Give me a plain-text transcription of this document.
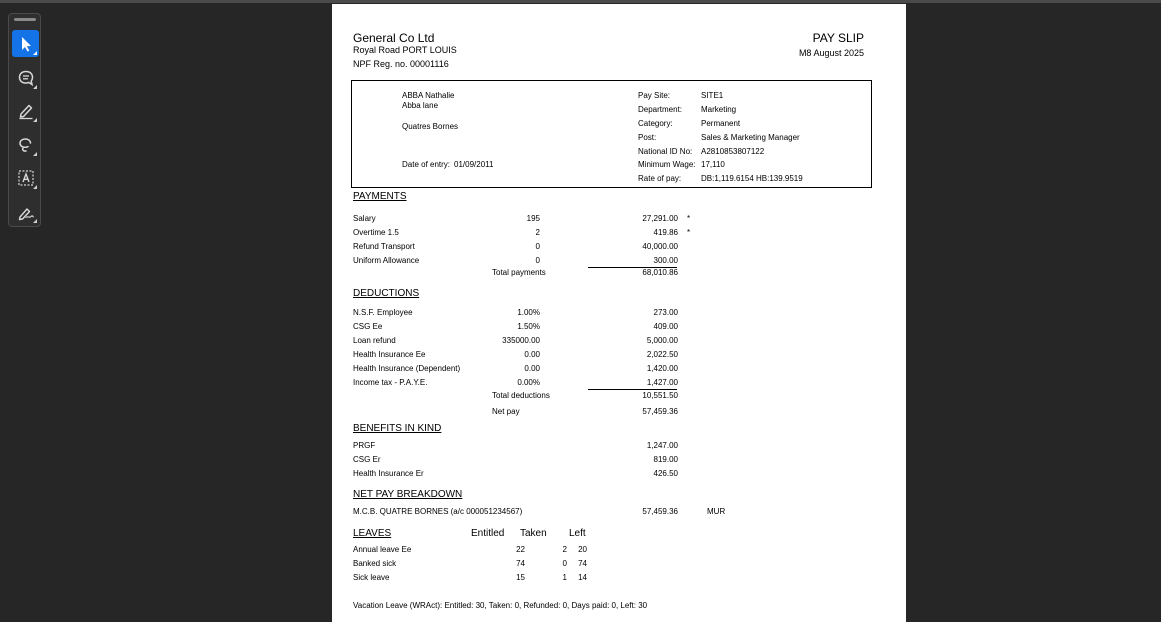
General Co Ltd
Royal Road PORT LOUIS
NPF Reg. no. 00001116
PAY SLIP
M8 August 2025
ABBA Nathalie
Abba lane
Quatres Bornes
Date of entry: 01/09/2011
Pay Site:	SITE1
Department: Marketing
Category:	Permanent
Post:	Sales & Marketing Manager
National ID No: A2810853807122
Minimum Wage: 17,110
Rate of pay: DB:1,119.6154 HB:139.9519
PAYMENTS
Salary	195	27,291.00 *
Overtime 1.5	2	419.86 *
Refund Transport	0	40,000.00
Uniform Allowance	0	300.00
Total payments	68,010.86
DEDUCTIONS
N.S.F. Employee	1.00%	273.00
CSG Ee	1.50%	409.00
Loan refund	335000.00	5,000.00
Health Insurance Ee	0.00	2,022.50
Health Insurance (Dependent)	0.00	1,420.00
Income tax - P.A.Y.E.	0.00%	1,427.00
Total deductions	10,551.50
Net pay	57,459.36
BENEFITS IN KIND
PRGF	1,247.00
CSG Er	819.00
Health Insurance Er	426.50
NET PAY BREAKDOWN
M.C.B. QUATRE BORNES (a/c 000051234567)	57,459.36	MUR
LEAVES	Entitled Taken Left
Annual leave Ee	22	2 20
Banked sick	74	0 74
Sick leave	15	1 14
Vacation Leave (WRAct): Entitled: 30, Taken: 0, Refunded: 0, Days paid: 0, Left: 30
